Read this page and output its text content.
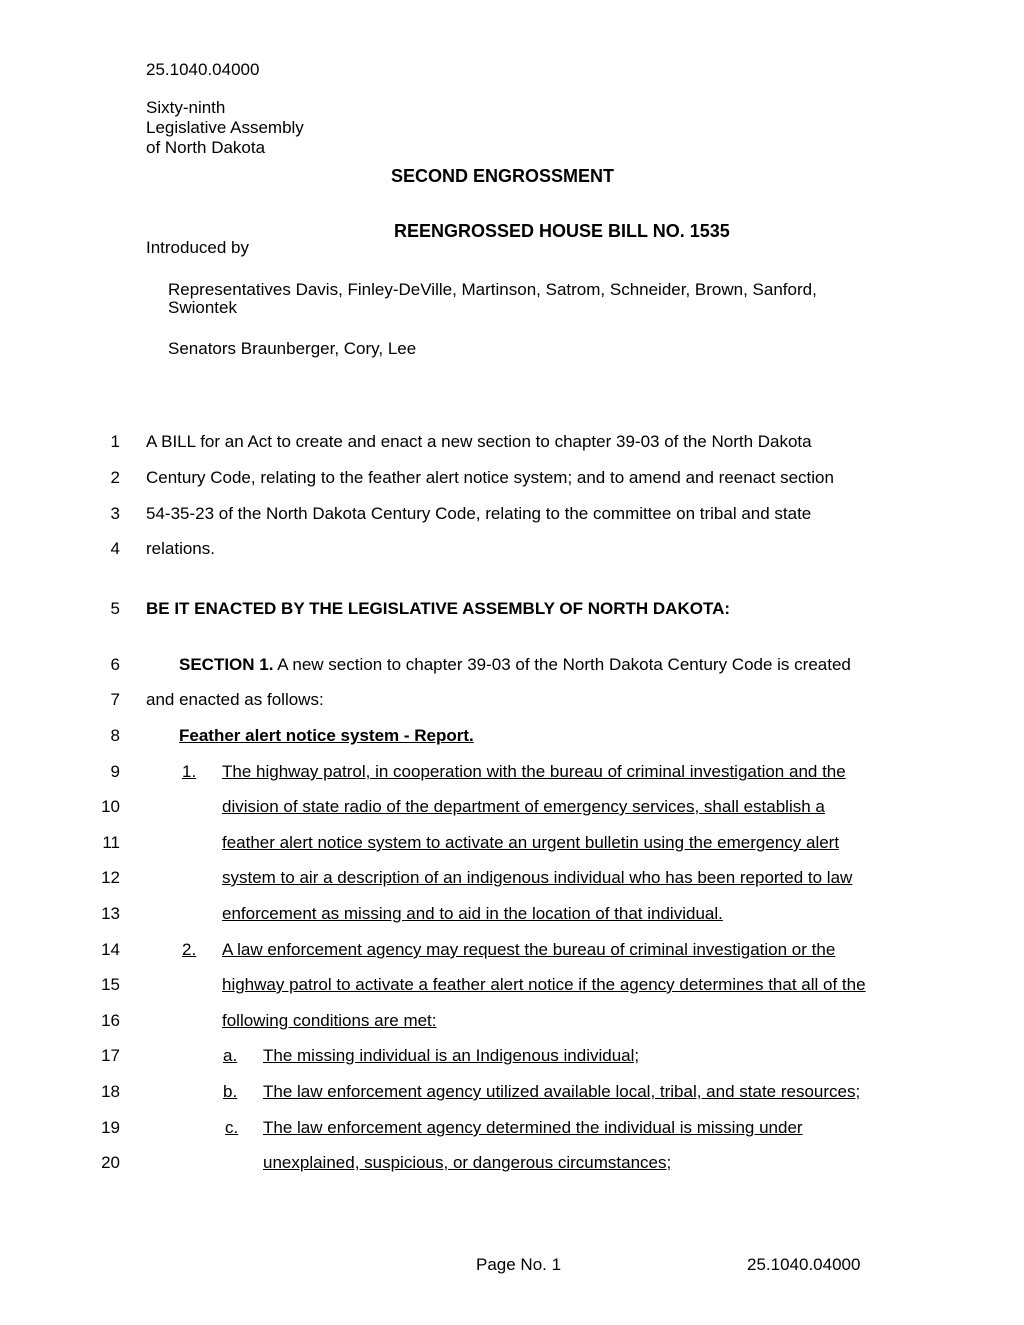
25.1040.04000
Sixty-ninth
Legislative Assembly
of North Dakota
SECOND ENGROSSMENT
REENGROSSED HOUSE BILL NO. 1535
Introduced by
Representatives Davis, Finley-DeVille, Martinson, Satrom, Schneider, Brown, Sanford,
Swiontek
Senators Braunberger, Cory, Lee
1
2
3
4
5
6
7
8
9
10
11
12
13
14
15
16
17
18
19
20
A BILL for an Act to create and enact a new section to chapter 39-03 of the North Dakota
Century Code, relating to the feather alert notice system; and to amend and reenact section
54-35-23 of the North Dakota Century Code, relating to the committee on tribal and state
relations.
BE IT ENACTED BY THE LEGISLATIVE ASSEMBLY OF NORTH DAKOTA:
SECTION 1. A new section to chapter 39-03 of the North Dakota Century Code is created
and enacted as follows:
Feather alert notice system - Report.
1. The highway patrol, in cooperation with the bureau of criminal investigation and the
division of state radio of the department of emergency services, shall establish a
feather alert notice system to activate an urgent bulletin using the emergency alert
system to air a description of an indigenous individual who has been reported to law
enforcement as missing and to aid in the location of that individual.
2. A law enforcement agency may request the bureau of criminal investigation or the
highway patrol to activate a feather alert notice if the agency determines that all of the
following conditions are met:
a. The missing individual is an Indigenous individual;
b. The law enforcement agency utilized available local, tribal, and state resources;
c. The law enforcement agency determined the individual is missing under
unexplained, suspicious, or dangerous circumstances;
Page No. 1	25.1040.04000
